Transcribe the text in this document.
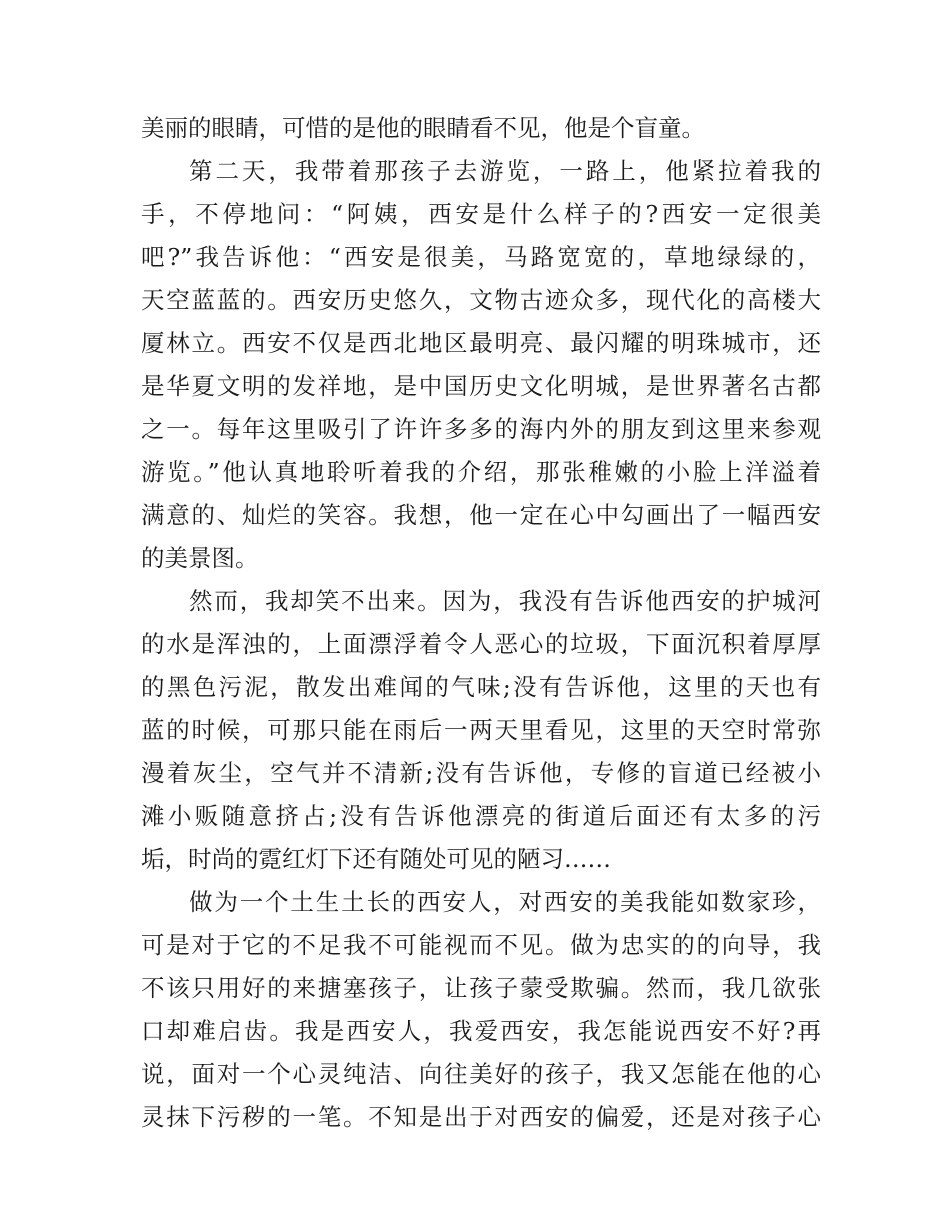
美丽的眼睛，可惜的是他的眼睛看不见，他是个盲童。

第二天，我带着那孩子去游览，一路上，他紧拉着我的

手，不停地问：“阿姨，西安是什么样子的?西安一定很美

吧?”我告诉他：“西安是很美，马路宽宽的，草地绿绿的，

天空蓝蓝的。西安历史悠久，文物古迹众多，现代化的高楼大

厦林立。西安不仅是西北地区最明亮、最闪耀的明珠城市，还

是华夏文明的发祥地，是中国历史文化明城，是世界著名古都

之一。每年这里吸引了许许多多的海内外的朋友到这里来参观

游览。”他认真地聆听着我的介绍，那张稚嫩的小脸上洋溢着

满意的、灿烂的笑容。我想，他一定在心中勾画出了一幅西安

的美景图。

然而，我却笑不出来。因为，我没有告诉他西安的护城河

的水是浑浊的，上面漂浮着令人恶心的垃圾，下面沉积着厚厚

的黑色污泥，散发出难闻的气味;没有告诉他，这里的天也有

蓝的时候，可那只能在雨后一两天里看见，这里的天空时常弥

漫着灰尘，空气并不清新;没有告诉他，专修的盲道已经被小

滩小贩随意挤占;没有告诉他漂亮的街道后面还有太多的污

垢，时尚的霓红灯下还有随处可见的陋习……

做为一个土生土长的西安人，对西安的美我能如数家珍，

可是对于它的不足我不可能视而不见。做为忠实的的向导，我

不该只用好的来搪塞孩子，让孩子蒙受欺骗。然而，我几欲张

口却难启齿。我是西安人，我爱西安，我怎能说西安不好?再

说，面对一个心灵纯洁、向往美好的孩子，我又怎能在他的心

灵抹下污秽的一笔。不知是出于对西安的偏爱，还是对孩子心
